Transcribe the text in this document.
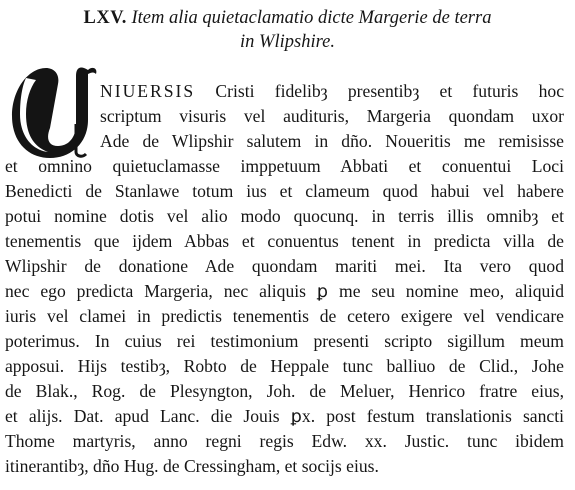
LXV. Item alia quietaclamatio dicte Margerie de terra
in Wlipshire.
U
NIUERSIS Cristi fidelibȝ presentibȝ et futuris hoc
scriptum visuris vel audituris, Margeria quondam uxor
Ade de Wlipshir salutem in dño. Noueritis me remisisse
et omnino quietuclamasse imppetuum Abbati et conuentui Loci
Benedicti de Stanlawe totum ius et clameum quod habui vel habere
potui nomine dotis vel alio modo quocunq. in terris illis omnibȝ et
tenementis que ijdem Abbas et conuentus tenent in predicta villa de
Wlipshir de donatione Ade quondam mariti mei. Ita vero quod
nec ego predicta Margeria, nec aliquis ꝑ me seu nomine meo, aliquid
iuris vel clamei in predictis tenementis de cetero exigere vel vendicare
poterimus. In cuius rei testimonium presenti scripto sigillum meum
apposui. Hijs testibȝ, Robto de Heppale tunc balliuo de Clid., Johe
de Blak., Rog. de Plesyngton, Joh. de Meluer, Henrico fratre eius,
et alijs. Dat. apud Lanc. die Jouis ꝑx. post festum translationis sancti
Thome martyris, anno regni regis Edw. xx. Justic. tunc ibidem
itinerantibȝ, dño Hug. de Cressingham, et socijs eius.
